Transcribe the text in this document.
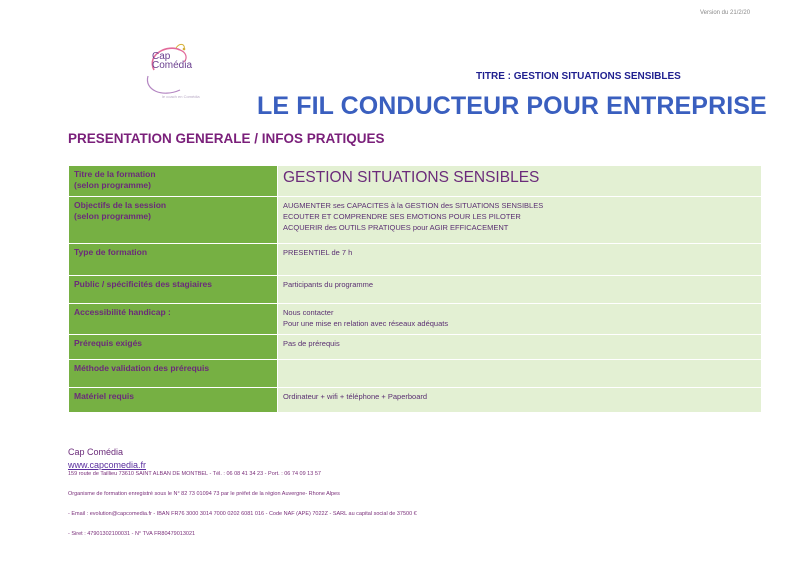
Version du 21/2/20
Cap
Comédia
le coach en Comédia
TITRE : GESTION SITUATIONS SENSIBLES
LE FIL CONDUCTEUR POUR ENTREPRISE
PRESENTATION GENERALE / INFOS PRATIQUES
Titre de la formation
(selon programme)	GESTION SITUATIONS SENSIBLES

Objectifs de la session
(selon programme)	AUGMENTER ses CAPACITES à la GESTION des SITUATIONS SENSIBLES
ECOUTER ET COMPRENDRE SES EMOTIONS POUR LES PILOTER
ACQUERIR des OUTILS PRATIQUES pour AGIR EFFICACEMENT

Type de formation	PRESENTIEL de 7 h

Public / spécificités des stagiaires	Participants du programme

Accessibilité handicap :	Nous contacter
Pour une mise en relation avec réseaux adéquats

Prérequis exigés	Pas de prérequis

Méthode validation des prérequis	

Matériel requis	Ordinateur + wifi + téléphone + Paperboard
Cap Comédia
www.capcomedia.fr
159 route de Taillieu 73610 SAINT ALBAN DE MONTBEL - Tél. : 06 08 41 34 23 - Port. : 06 74 09 13 57
Organisme de formation enregistré sous le N° 82 73 01094 73 par le préfet de la région Auvergne- Rhone Alpes
- Email : evolution@capcomedia.fr - IBAN FR76 3000 3014 7000 0202 6081 016 - Code NAF (APE) 7022Z - SARL au capital social de 37500 €
- Siret : 47901302100031 - N° TVA FR80479013021
